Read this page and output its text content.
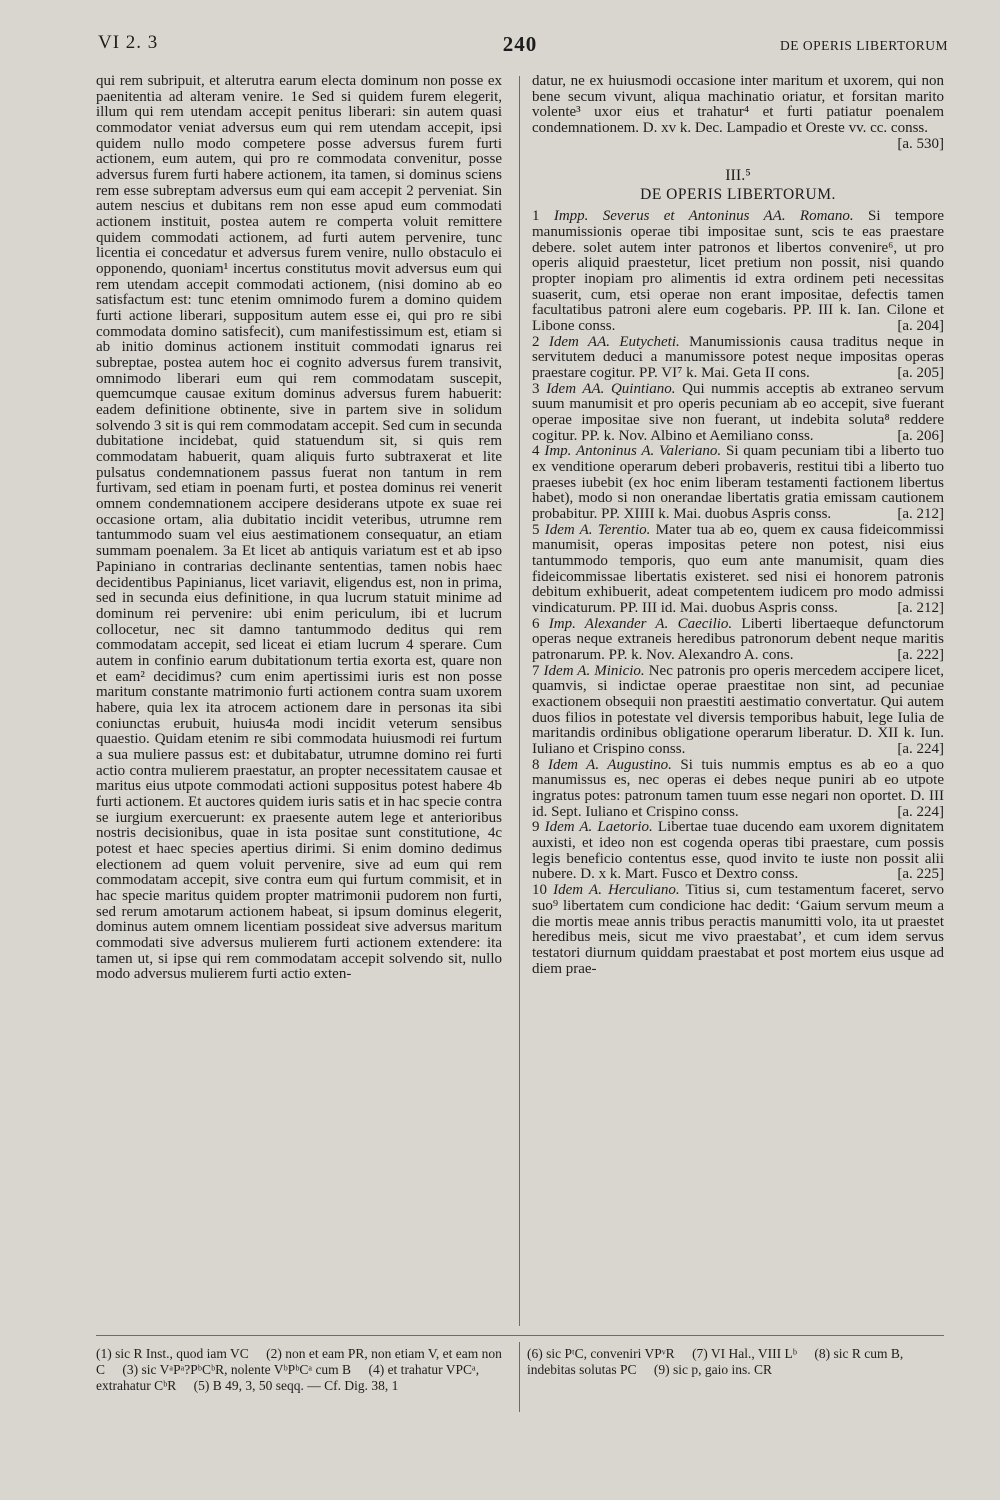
VI 2. 3	240	DE OPERIS LIBERTORUM

qui rem subripuit, et alterutra earum electa dominum non posse ex paenitentia ad alteram venire. 1e Sed si quidem furem elegerit, illum qui rem utendam accepit penitus liberari: sin autem quasi commodator veniat adversus eum qui rem utendam accepit, ipsi quidem nullo modo competere posse adversus furem furti actionem, eum autem, qui pro re commodata convenitur, posse adversus furem furti habere actionem, ita tamen, si dominus sciens rem esse subreptam adversus eum qui eam accepit 2 perveniat. Sin autem nescius et dubitans rem non esse apud eum commodati actionem instituit, postea autem re comperta voluit remittere quidem commodati actionem, ad furti autem pervenire, tunc licentia ei concedatur et adversus furem venire, nullo obstaculo ei opponendo, quoniam¹ incertus constitutus movit adversus eum qui rem utendam accepit commodati actionem, (nisi domino ab eo satisfactum est: tunc etenim omnimodo furem a domino quidem furti actione liberari, suppositum autem esse ei, qui pro re sibi commodata domino satisfecit), cum manifestissimum est, etiam si ab initio dominus actionem instituit commodati ignarus rei subreptae, postea autem hoc ei cognito adversus furem transivit, omnimodo liberari eum qui rem commodatam suscepit, quemcumque causae exitum dominus adversus furem habuerit: eadem definitione obtinente, sive in partem sive in solidum solvendo 3 sit is qui rem commodatam accepit. Sed cum in secunda dubitatione incidebat, quid statuendum sit, si quis rem commodatam habuerit, quam aliquis furto subtraxerat et lite pulsatus condemnationem passus fuerat non tantum in rem furtivam, sed etiam in poenam furti, et postea dominus rei venerit omnem condemnationem accipere desiderans utpote ex suae rei occasione ortam, alia dubitatio incidit veteribus, utrumne rem tantummodo suam vel eius aestimationem consequatur, an etiam summam poenalem. 3a Et licet ab antiquis variatum est et ab ipso Papiniano in contrarias declinante sententias, tamen nobis haec decidentibus Papinianus, licet variavit, eligendus est, non in prima, sed in secunda eius definitione, in qua lucrum statuit minime ad dominum rei pervenire: ubi enim periculum, ibi et lucrum collocetur, nec sit damno tantummodo deditus qui rem commodatam accepit, sed liceat ei etiam lucrum 4 sperare. Cum autem in confinio earum dubitationum tertia exorta est, quare non et eam² decidimus? cum enim apertissimi iuris est non posse maritum constante matrimonio furti actionem contra suam uxorem habere, quia lex ita atrocem actionem dare in personas ita sibi coniunctas erubuit, huius4a modi incidit veterum sensibus quaestio. Quidam etenim re sibi commodata huiusmodi rei furtum a sua muliere passus est: et dubitabatur, utrumne domino rei furti actio contra mulierem praestatur, an propter necessitatem causae et maritus eius utpote commodati actioni suppositus potest habere 4b furti actionem. Et auctores quidem iuris satis et in hac specie contra se iurgium exercuerunt: ex praesente autem lege et anterioribus nostris decisionibus, quae in ista positae sunt constitutione, 4c potest et haec species apertius dirimi. Si enim domino dedimus electionem ad quem voluit pervenire, sive ad eum qui rem commodatam accepit, sive contra eum qui furtum commisit, et in hac specie maritus quidem propter matrimonii pudorem non furti, sed rerum amotarum actionem habeat, si ipsum dominus elegerit, dominus autem omnem licentiam possideat sive adversus maritum commodati sive adversus mulierem furti actionem extendere: ita tamen ut, si ipse qui rem commodatam accepit solvendo sit, nullo modo adversus mulierem furti actio exten-

datur, ne ex huiusmodi occasione inter maritum et uxorem, qui non bene secum vivunt, aliqua machinatio oriatur, et forsitan marito volente³ uxor eius et trahatur⁴ et furti patiatur poenalem condemnationem. D. xv k. Dec. Lampadio et Oreste vv. cc. conss.
[a. 530]

III.⁵
DE OPERIS LIBERTORUM.

1 Impp. Severus et Antoninus AA. Romano. Si tempore manumissionis operae tibi impositae sunt, scis te eas praestare debere. solet autem inter patronos et libertos convenire⁶, ut pro operis aliquid praestetur, licet pretium non possit, nisi quando propter inopiam pro alimentis id extra ordinem peti necessitas suaserit, cum, etsi operae non erant impositae, defectis tamen facultatibus patroni alere eum cogebaris. PP. III k. Ian. Cilone et Libone conss.	[a. 204]

2 Idem AA. Eutycheti. Manumissionis causa traditus neque in servitutem deduci a manumissore potest neque impositas operas praestare cogitur. PP. VI⁷ k. Mai. Geta II cons.	[a. 205]

3 Idem AA. Quintiano. Qui nummis acceptis ab extraneo servum suum manumisit et pro operis pecuniam ab eo accepit, sive fuerant operae impositae sive non fuerant, ut indebita soluta⁸ reddere cogitur. PP. k. Nov. Albino et Aemiliano conss.	[a. 206]

4 Imp. Antoninus A. Valeriano. Si quam pecuniam tibi a liberto tuo ex venditione operarum deberi probaveris, restitui tibi a liberto tuo praeses iubebit (ex hoc enim liberam testamenti factionem libertus habet), modo si non onerandae libertatis gratia emissam cautionem probabitur. PP. XIIII k. Mai. duobus Aspris conss.	[a. 212]

5 Idem A. Terentio. Mater tua ab eo, quem ex causa fideicommissi manumisit, operas impositas petere non potest, nisi eius tantummodo temporis, quo eum ante manumisit, quam dies fideicommissae libertatis existeret. sed nisi ei honorem patronis debitum exhibuerit, adeat competentem iudicem pro modo admissi vindicaturum. PP. III id. Mai. duobus Aspris conss.	[a. 212]

6 Imp. Alexander A. Caecilio. Liberti libertaeque defunctorum operas neque extraneis heredibus patronorum debent neque maritis patronarum. PP. k. Nov. Alexandro A. cons.	[a. 222]

7 Idem A. Minicio. Nec patronis pro operis mercedem accipere licet, quamvis, si indictae operae praestitae non sint, ad pecuniae exactionem obsequii non praestiti aestimatio convertatur. Qui autem duos filios in potestate vel diversis temporibus habuit, lege Iulia de maritandis ordinibus obligatione operarum liberatur. D. XII k. Iun. Iuliano et Crispino conss.	[a. 224]

8 Idem A. Augustino. Si tuis nummis emptus es ab eo a quo manumissus es, nec operas ei debes neque puniri ab eo utpote ingratus potes: patronum tamen tuum esse negari non oportet. D. III id. Sept. Iuliano et Crispino conss.	[a. 224]

9 Idem A. Laetorio. Libertae tuae ducendo eam uxorem dignitatem auxisti, et ideo non est cogenda operas tibi praestare, cum possis legis beneficio contentus esse, quod invito te iuste non possit alii nubere. D. x k. Mart. Fusco et Dextro conss.	[a. 225]

10 Idem A. Herculiano. Titius si, cum testamentum faceret, servo suo⁹ libertatem cum condicione hac dedit: ‘Gaium servum meum a die mortis meae annis tribus peractis manumitti volo, ita ut praestet heredibus meis, sicut me vivo praestabat’, et cum idem servus testatori diurnum quiddam praestabat et post mortem eius usque ad diem prae-

(1) sic R Inst., quod iam VC (2) non et eam PR, non etiam V, et eam non C (3) sic VᵃPᵃ?PᵇCᵇR, nolente VᵇPᵇCᵃ cum B (4) et trahatur VPCᵃ, extrahatur CᵇR (5) B 49, 3, 50 seqq. — Cf. Dig. 38, 1
(6) sic PᵗC, conveniri VPᵛR (7) VI Hal., VIII Lᵇ (8) sic R cum B, indebitas solutas PC (9) sic p, gaio ins. CR
